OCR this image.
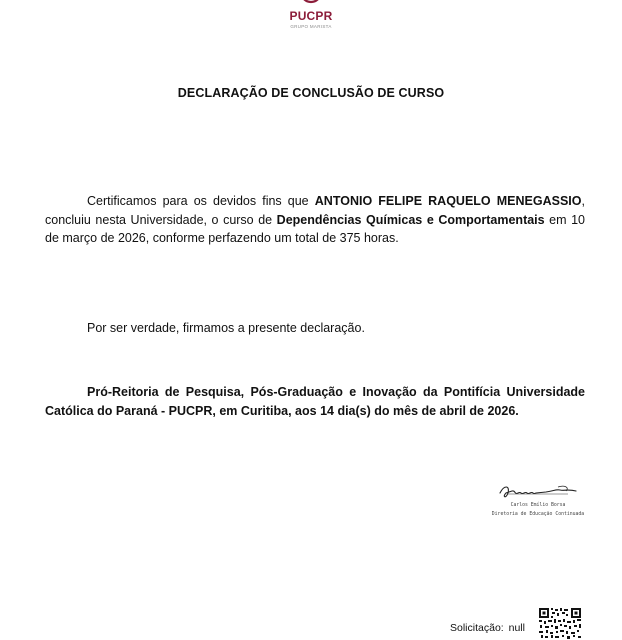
PUCPR
GRUPO MARISTA
DECLARAÇÃO DE CONCLUSÃO DE CURSO

Certificamos para os devidos fins que ANTONIO FELIPE RAQUELO MENEGASSIO, concluiu nesta Universidade, o curso de Dependências Químicas e Comportamentais em 10 de março de 2026, conforme perfazendo um total de 375 horas.

Por ser verdade, firmamos a presente declaração.

Pró-Reitoria de Pesquisa, Pós-Graduação e Inovação da Pontifícia Universidade Católica do Paraná - PUCPR, em Curitiba, aos 14 dia(s) do mês de abril de 2026.

Carlos Emílio Borsa
Diretoria de Educação Continuada
Solicitação: null
